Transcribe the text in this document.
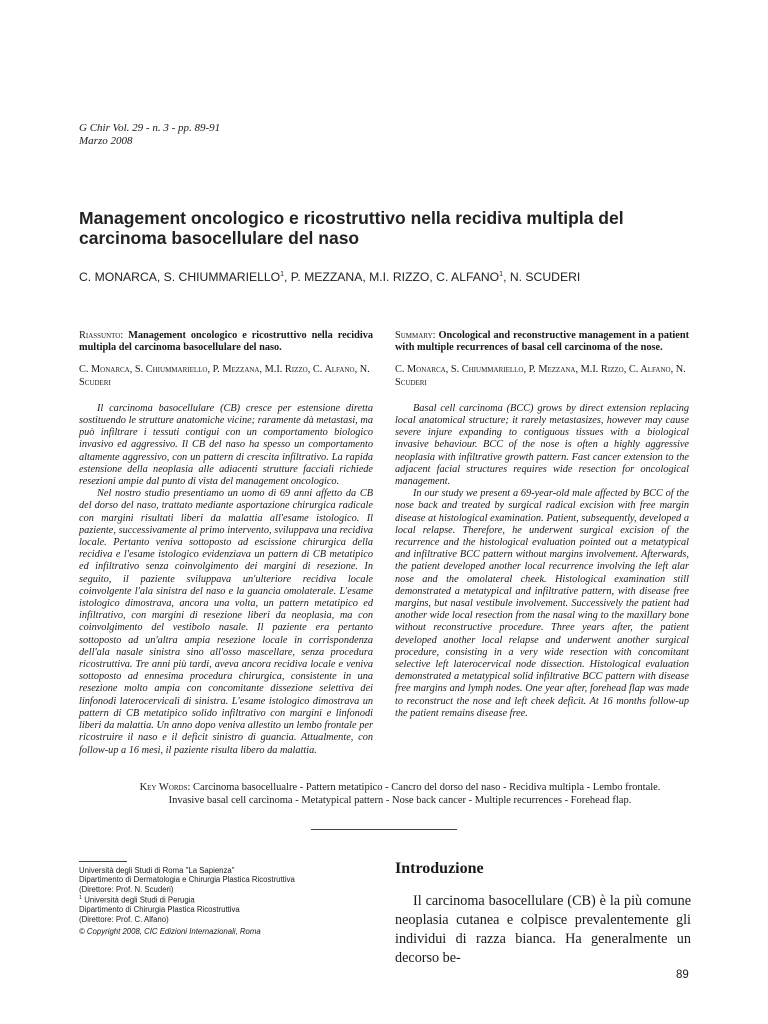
G Chir Vol. 29 - n. 3 - pp. 89-91
Marzo 2008
Management oncologico e ricostruttivo nella recidiva multipla del carcinoma basocellulare del naso
C. MONARCA, S. CHIUMMARIELLO$^1$, P. MEZZANA, M.I. RIZZO, C. ALFANO$^1$, N. SCUDERI

Riassunto: Management oncologico e ricostruttivo nella recidiva multipla del carcinoma basocellulare del naso.

C. Monarca, S. Chiummariello, P. Mezzana, M.I. Rizzo, C. Alfano, N. Scuderi

Il carcinoma basocellulare (CB) cresce per estensione diretta sostituendo le strutture anatomiche vicine; raramente dà metastasi, ma può infiltrare i tessuti contigui con un comportamento biologico invasivo ed aggressivo. Il CB del naso ha spesso un comportamento altamente aggressivo, con un pattern di crescita infiltrativo. La rapida estensione della neoplasia alle adiacenti strutture facciali richiede resezioni ampie dal punto di vista del management oncologico.

Nel nostro studio presentiamo un uomo di 69 anni affetto da CB del dorso del naso, trattato mediante asportazione chirurgica radicale con margini risultati liberi da malattia all'esame istologico. Il paziente, successivamente al primo intervento, sviluppava una recidiva locale. Pertanto veniva sottoposto ad escissione chirurgica della recidiva e l'esame istologico evidenziava un pattern di CB metatipico ed infiltrativo senza coinvolgimento dei margini di resezione. In seguito, il paziente sviluppava un'ulteriore recidiva locale coinvolgente l'ala sinistra del naso e la guancia omolaterale. L'esame istologico dimostrava, ancora una volta, un pattern metatipico ed infiltrativo, con margini di resezione liberi da neoplasia, ma con coinvolgimento del vestibolo nasale. Il paziente era pertanto sottoposto ad un'altra ampia resezione locale in corrispondenza dell'ala nasale sinistra sino all'osso mascellare, senza procedura ricostruttiva. Tre anni più tardi, aveva ancora recidiva locale e veniva sottoposto ad ennesima procedura chirurgica, consistente in una resezione molto ampia con concomitante dissezione selettiva dei linfonodi laterocervicali di sinistra. L'esame istologico dimostrava un pattern di CB metatipico solido infiltrativo con margini e linfonodi liberi da malattia. Un anno dopo veniva allestito un lembo frontale per ricostruire il naso e il deficit sinistro di guancia. Attualmente, con follow-up a 16 mesi, il paziente risulta libero da malattia.

Summary: Oncological and reconstructive management in a patient with multiple recurrences of basal cell carcinoma of the nose.

C. Monarca, S. Chiummariello, P. Mezzana, M.I. Rizzo, C. Alfano, N. Scuderi

Basal cell carcinoma (BCC) grows by direct extension replacing local anatomical structure; it rarely metastasizes, however may cause severe injure expanding to contiguous tissues with a biological invasive behaviour. BCC of the nose is often a highly aggressive neoplasia with infiltrative growth pattern. Fast cancer extension to the adjacent facial structures requires wide resection for oncological management.

In our study we present a 69-year-old male affected by BCC of the nose back and treated by surgical radical excision with free margin disease at histological examination. Patient, subsequently, developed a local relapse. Therefore, he underwent surgical excision of the recurrence and the histological evaluation pointed out a metatypical and infiltrative BCC pattern without margins involvement. Afterwards, the patient developed another local recurrence involving the left alar nose and the omolateral cheek. Histological examination still demonstrated a metatypical and infiltrative pattern, with disease free margins, but nasal vestibule involvement. Successively the patient had another wide local resection from the nasal wing to the maxillary bone without reconstructive procedure. Three years after, the patient developed another local relapse and underwent another surgical procedure, consisting in a very wide resection with concomitant selective left laterocervical node dissection. Histological evaluation demonstrated a metatypical solid infiltrative BCC pattern with disease free margins and lymph nodes. One year after, forehead flap was made to reconstruct the nose and left cheek deficit. At 16 months follow-up the patient remains disease free.

Key Words: Carcinoma basocellualre - Pattern metatipico - Cancro del dorso del naso - Recidiva multipla - Lembo frontale.
Invasive basal cell carcinoma - Metatypical pattern - Nose back cancer - Multiple recurrences - Forehead flap.
Università degli Studi di Roma "La Sapienza"
Dipartimento di Dermatologia e Chirurgia Plastica Ricostruttiva
(Direttore: Prof. N. Scuderi)
$^1$ Università degli Studi di Perugia
Dipartimento di Chirurgia Plastica Ricostruttiva
(Direttore: Prof. C. Alfano)
© Copyright 2008, CIC Edizioni Internazionali, Roma
Introduzione

Il carcinoma basocellulare (CB) è la più comune neoplasia cutanea e colpisce prevalentemente gli individui di razza bianca. Ha generalmente un decorso be-

89
